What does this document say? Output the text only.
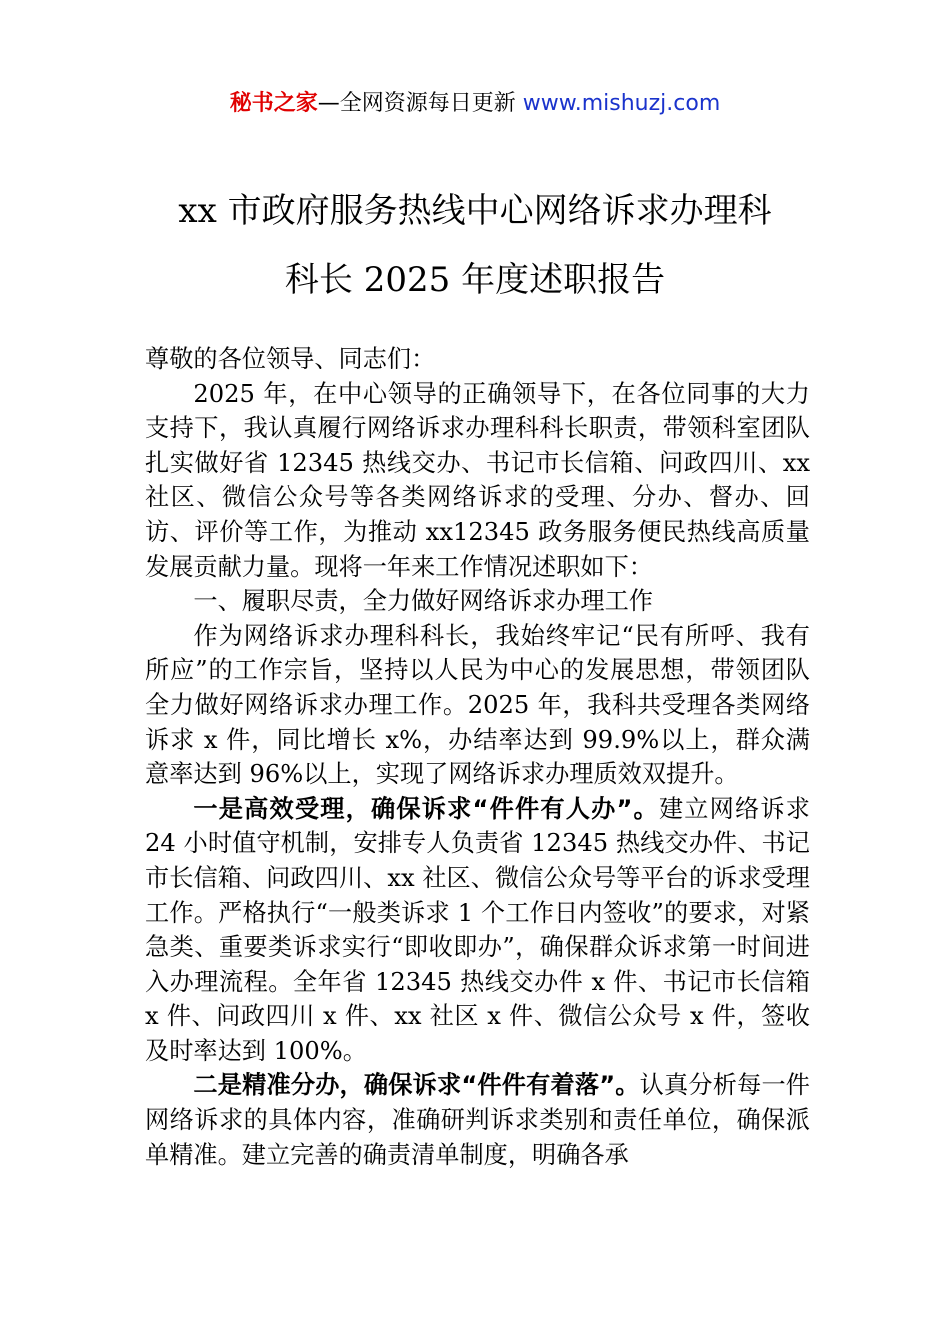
秘书之家—全网资源每日更新 www.mishuzj.com
xx 市政府服务热线中心网络诉求办理科
科长 2025 年度述职报告

尊敬的各位领导、同志们：

2025 年，在中心领导的正确领导下，在各位同事的大力支持下，我认真履行网络诉求办理科科长职责，带领科室团队扎实做好省 12345 热线交办、书记市长信箱、问政四川、xx 社区、微信公众号等各类网络诉求的受理、分办、督办、回访、评价等工作，为推动 xx12345 政务服务便民热线高质量发展贡献力量。现将一年来工作情况述职如下：

一、履职尽责，全力做好网络诉求办理工作

作为网络诉求办理科科长，我始终牢记“民有所呼、我有所应”的工作宗旨，坚持以人民为中心的发展思想，带领团队全力做好网络诉求办理工作。2025 年，我科共受理各类网络诉求 x 件，同比增长 x%，办结率达到 99.9%以上，群众满意率达到 96%以上，实现了网络诉求办理质效双提升。

一是高效受理，确保诉求“件件有人办”。建立网络诉求 24 小时值守机制，安排专人负责省 12345 热线交办件、书记市长信箱、问政四川、xx 社区、微信公众号等平台的诉求受理工作。严格执行“一般类诉求 1 个工作日内签收”的要求，对紧急类、重要类诉求实行“即收即办”，确保群众诉求第一时间进入办理流程。全年省 12345 热线交办件 x 件、书记市长信箱 x 件、问政四川 x 件、xx 社区 x 件、微信公众号 x 件，签收及时率达到 100%。

二是精准分办，确保诉求“件件有着落”。认真分析每一件网络诉求的具体内容，准确研判诉求类别和责任单位，确保派单精准。建立完善的确责清单制度，明确各承
